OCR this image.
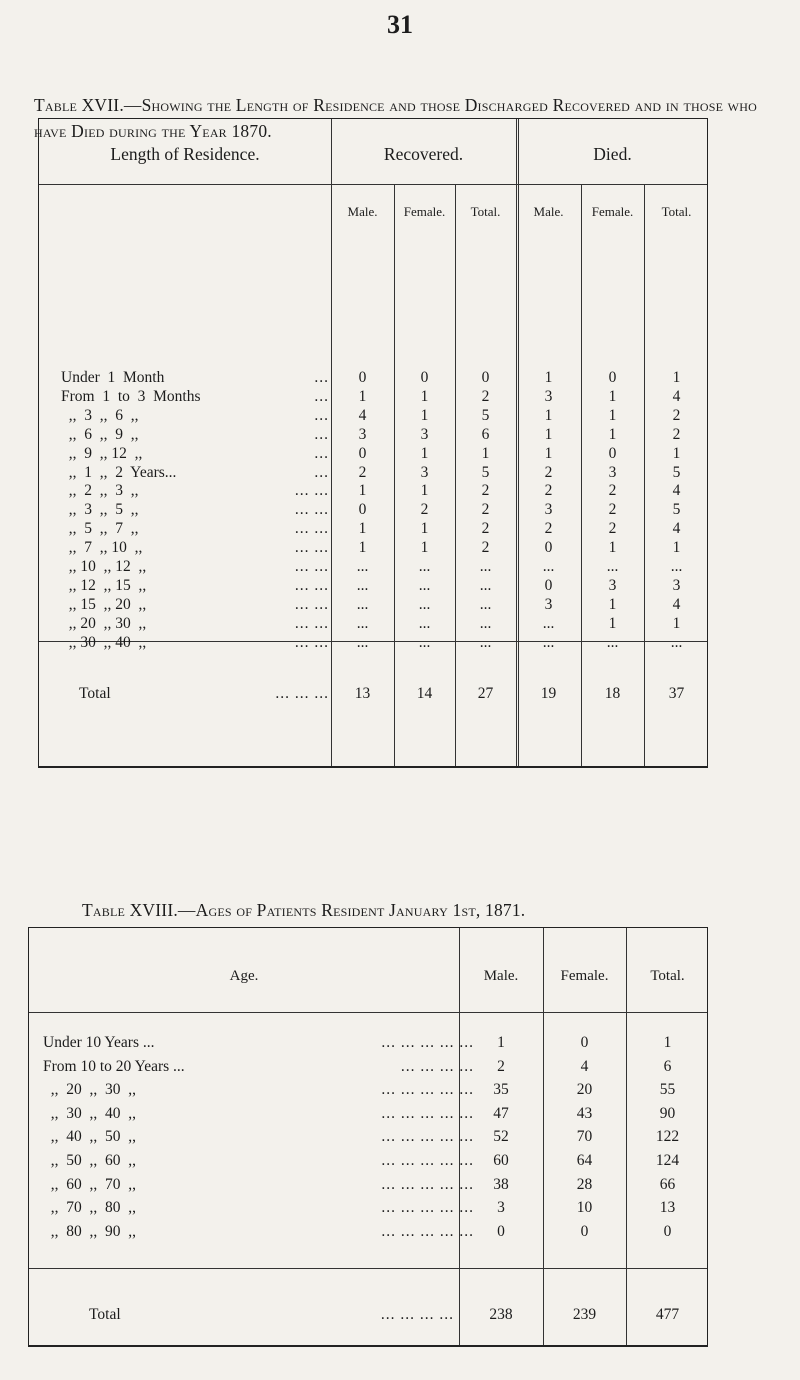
31
Table XVII.—Showing the Length of Residence and those Discharged Recovered and in those who have Died during the Year 1870.
Length of Residence.	Recovered.	Died.
Male.	Female.	Total.	Male.	Female.	Total.
Under  1  Month	...	0	0	0	1	0	1
From  1  to  3  Months	...	1	1	2	3	1	4
,,  3  ,,  6  ,,	...	4	1	5	1	1	2
,,  6  ,,  9  ,,	...	3	3	6	1	1	2
,,  9  ,, 12  ,,	...	0	1	1	1	0	1
,,  1  ,,  2  Years...	...	2	3	5	2	3	5
,,  2  ,,  3  ,,	... ...	1	1	2	2	2	4
,,  3  ,,  5  ,,	... ...	0	2	2	3	2	5
,,  5  ,,  7  ,,	... ...	1	1	2	2	2	4
,,  7  ,, 10  ,,	... ...	1	1	2	0	1	1
,, 10  ,, 12  ,,	... ...	...	...	...	...	...	...
,, 12  ,, 15  ,,	... ...	...	...	...	0	3	3
,, 15  ,, 20  ,,	... ...	...	...	...	3	1	4
,, 20  ,, 30  ,,	... ...	...	...	...	...	1	1
,, 30  ,, 40  ,,	... ...	...	...	...	...	...	...
Total	... ... ...	13	14	27	19	18	37
Table XVIII.—Ages of Patients Resident January 1st, 1871.
Age.	Male.	Female.	Total.
Under 10 Years ...	... ... ... ... ...	1	0	1
From 10 to 20 Years ...	... ... ... ...	2	4	6
,,  20  ,,  30  ,,	... ... ... ... ...	35	20	55
,,  30  ,,  40  ,,	... ... ... ... ...	47	43	90
,,  40  ,,  50  ,,	... ... ... ... ...	52	70	122
,,  50  ,,  60  ,,	... ... ... ... ...	60	64	124
,,  60  ,,  70  ,,	... ... ... ... ...	38	28	66
,,  70  ,,  80  ,,	... ... ... ... ...	3	10	13
,,  80  ,,  90  ,,	... ... ... ... ...	0	0	0
Total	... ... ... ...	238	239	477
